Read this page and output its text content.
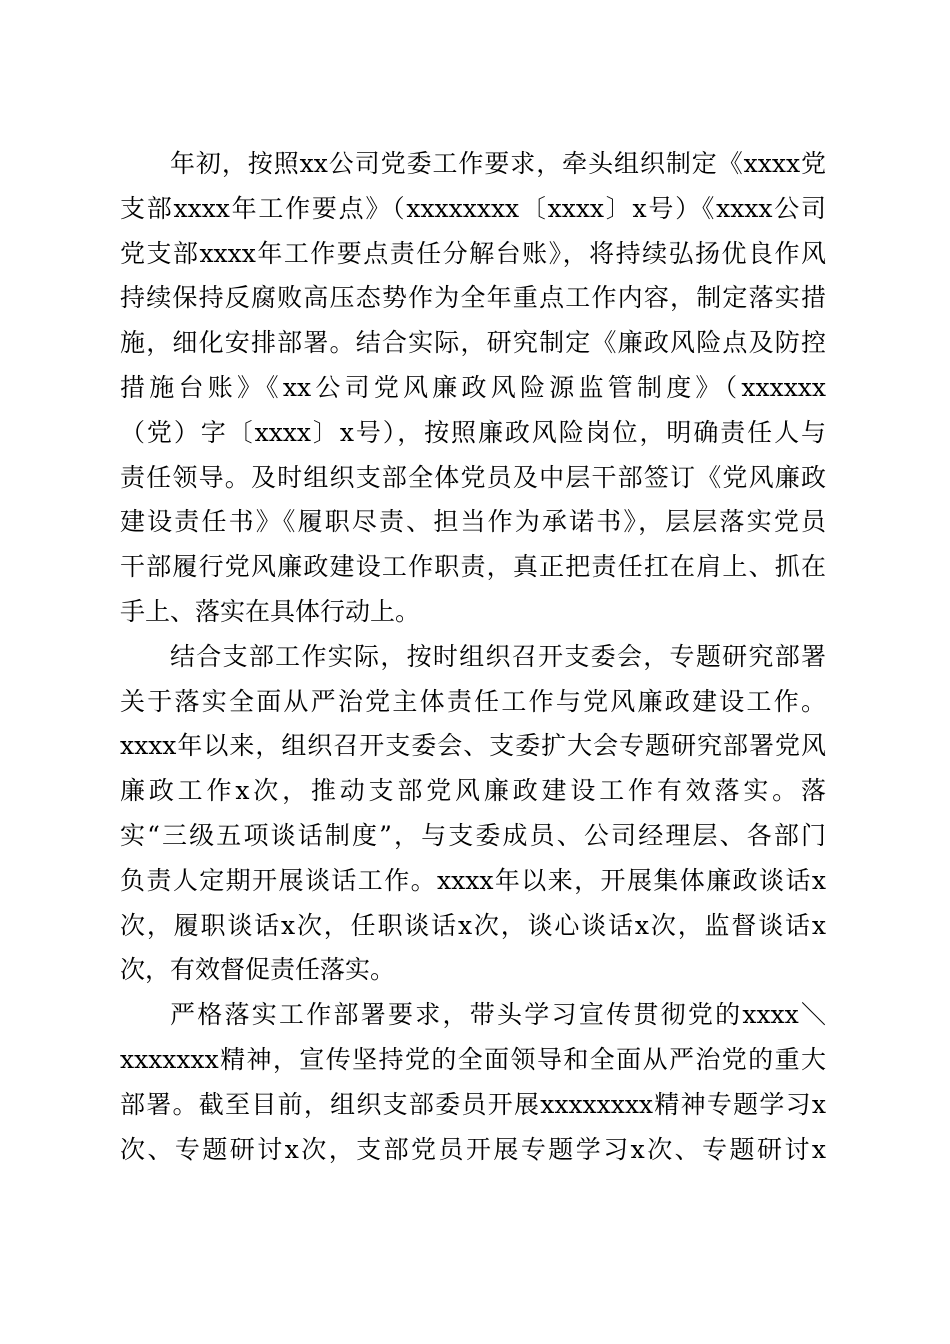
年初，按照xx公司党委工作要求，牵头组织制定《xxxx党
支部xxxx年工作要点》（xxxxxxxx〔xxxx〕x号）《xxxx公司
党支部xxxx年工作要点责任分解台账》，将持续弘扬优良作风
持续保持反腐败高压态势作为全年重点工作内容，制定落实措
施，细化安排部署。结合实际，研究制定《廉政风险点及防控
措施台账》《xx公司党风廉政风险源监管制度》（xxxxxx
（党）字〔xxxx〕x号），按照廉政风险岗位，明确责任人与
责任领导。及时组织支部全体党员及中层干部签订《党风廉政
建设责任书》《履职尽责、担当作为承诺书》，层层落实党员
干部履行党风廉政建设工作职责，真正把责任扛在肩上、抓在
手上、落实在具体行动上。
结合支部工作实际，按时组织召开支委会，专题研究部署
关于落实全面从严治党主体责任工作与党风廉政建设工作。
xxxx年以来，组织召开支委会、支委扩大会专题研究部署党风
廉政工作x次，推动支部党风廉政建设工作有效落实。落
实“三级五项谈话制度”，与支委成员、公司经理层、各部门
负责人定期开展谈话工作。xxxx年以来，开展集体廉政谈话x
次，履职谈话x次，任职谈话x次，谈心谈话x次，监督谈话x
次，有效督促责任落实。
严格落实工作部署要求，带头学习宣传贯彻党的xxxx＼
xxxxxxx精神，宣传坚持党的全面领导和全面从严治党的重大
部署。截至目前，组织支部委员开展xxxxxxxx精神专题学习x
次、专题研讨x次，支部党员开展专题学习x次、专题研讨x
